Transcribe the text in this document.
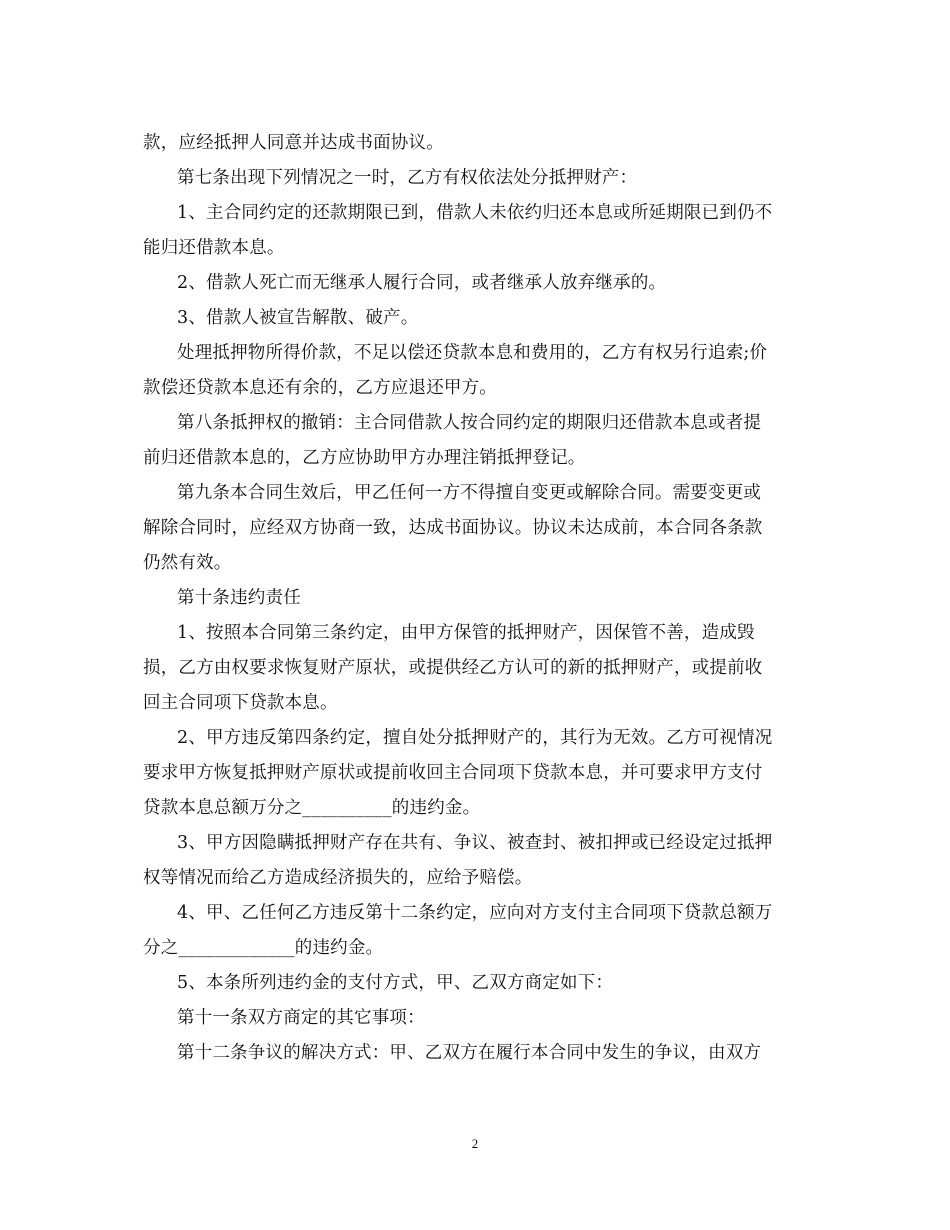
款，应经抵押人同意并达成书面协议。
第七条出现下列情况之一时，乙方有权依法处分抵押财产：
1、主合同约定的还款期限已到，借款人未依约归还本息或所延期限已到仍不
能归还借款本息。
2、借款人死亡而无继承人履行合同，或者继承人放弃继承的。
3、借款人被宣告解散、破产。
处理抵押物所得价款，不足以偿还贷款本息和费用的，乙方有权另行追索;价
款偿还贷款本息还有余的，乙方应退还甲方。
第八条抵押权的撤销：主合同借款人按合同约定的期限归还借款本息或者提
前归还借款本息的，乙方应协助甲方办理注销抵押登记。
第九条本合同生效后，甲乙任何一方不得擅自变更或解除合同。需要变更或
解除合同时，应经双方协商一致，达成书面协议。协议未达成前，本合同各条款
仍然有效。
第十条违约责任
1、按照本合同第三条约定，由甲方保管的抵押财产，因保管不善，造成毁
损，乙方由权要求恢复财产原状，或提供经乙方认可的新的抵押财产，或提前收
回主合同项下贷款本息。
2、甲方违反第四条约定，擅自处分抵押财产的，其行为无效。乙方可视情况
要求甲方恢复抵押财产原状或提前收回主合同项下贷款本息，并可要求甲方支付
贷款本息总额万分之__________的违约金。
3、甲方因隐瞒抵押财产存在共有、争议、被查封、被扣押或已经设定过抵押
权等情况而给乙方造成经济损失的，应给予赔偿。
4、甲、乙任何乙方违反第十二条约定，应向对方支付主合同项下贷款总额万
分之_____________的违约金。
5、本条所列违约金的支付方式，甲、乙双方商定如下：
第十一条双方商定的其它事项：
第十二条争议的解决方式：甲、乙双方在履行本合同中发生的争议，由双方
2
